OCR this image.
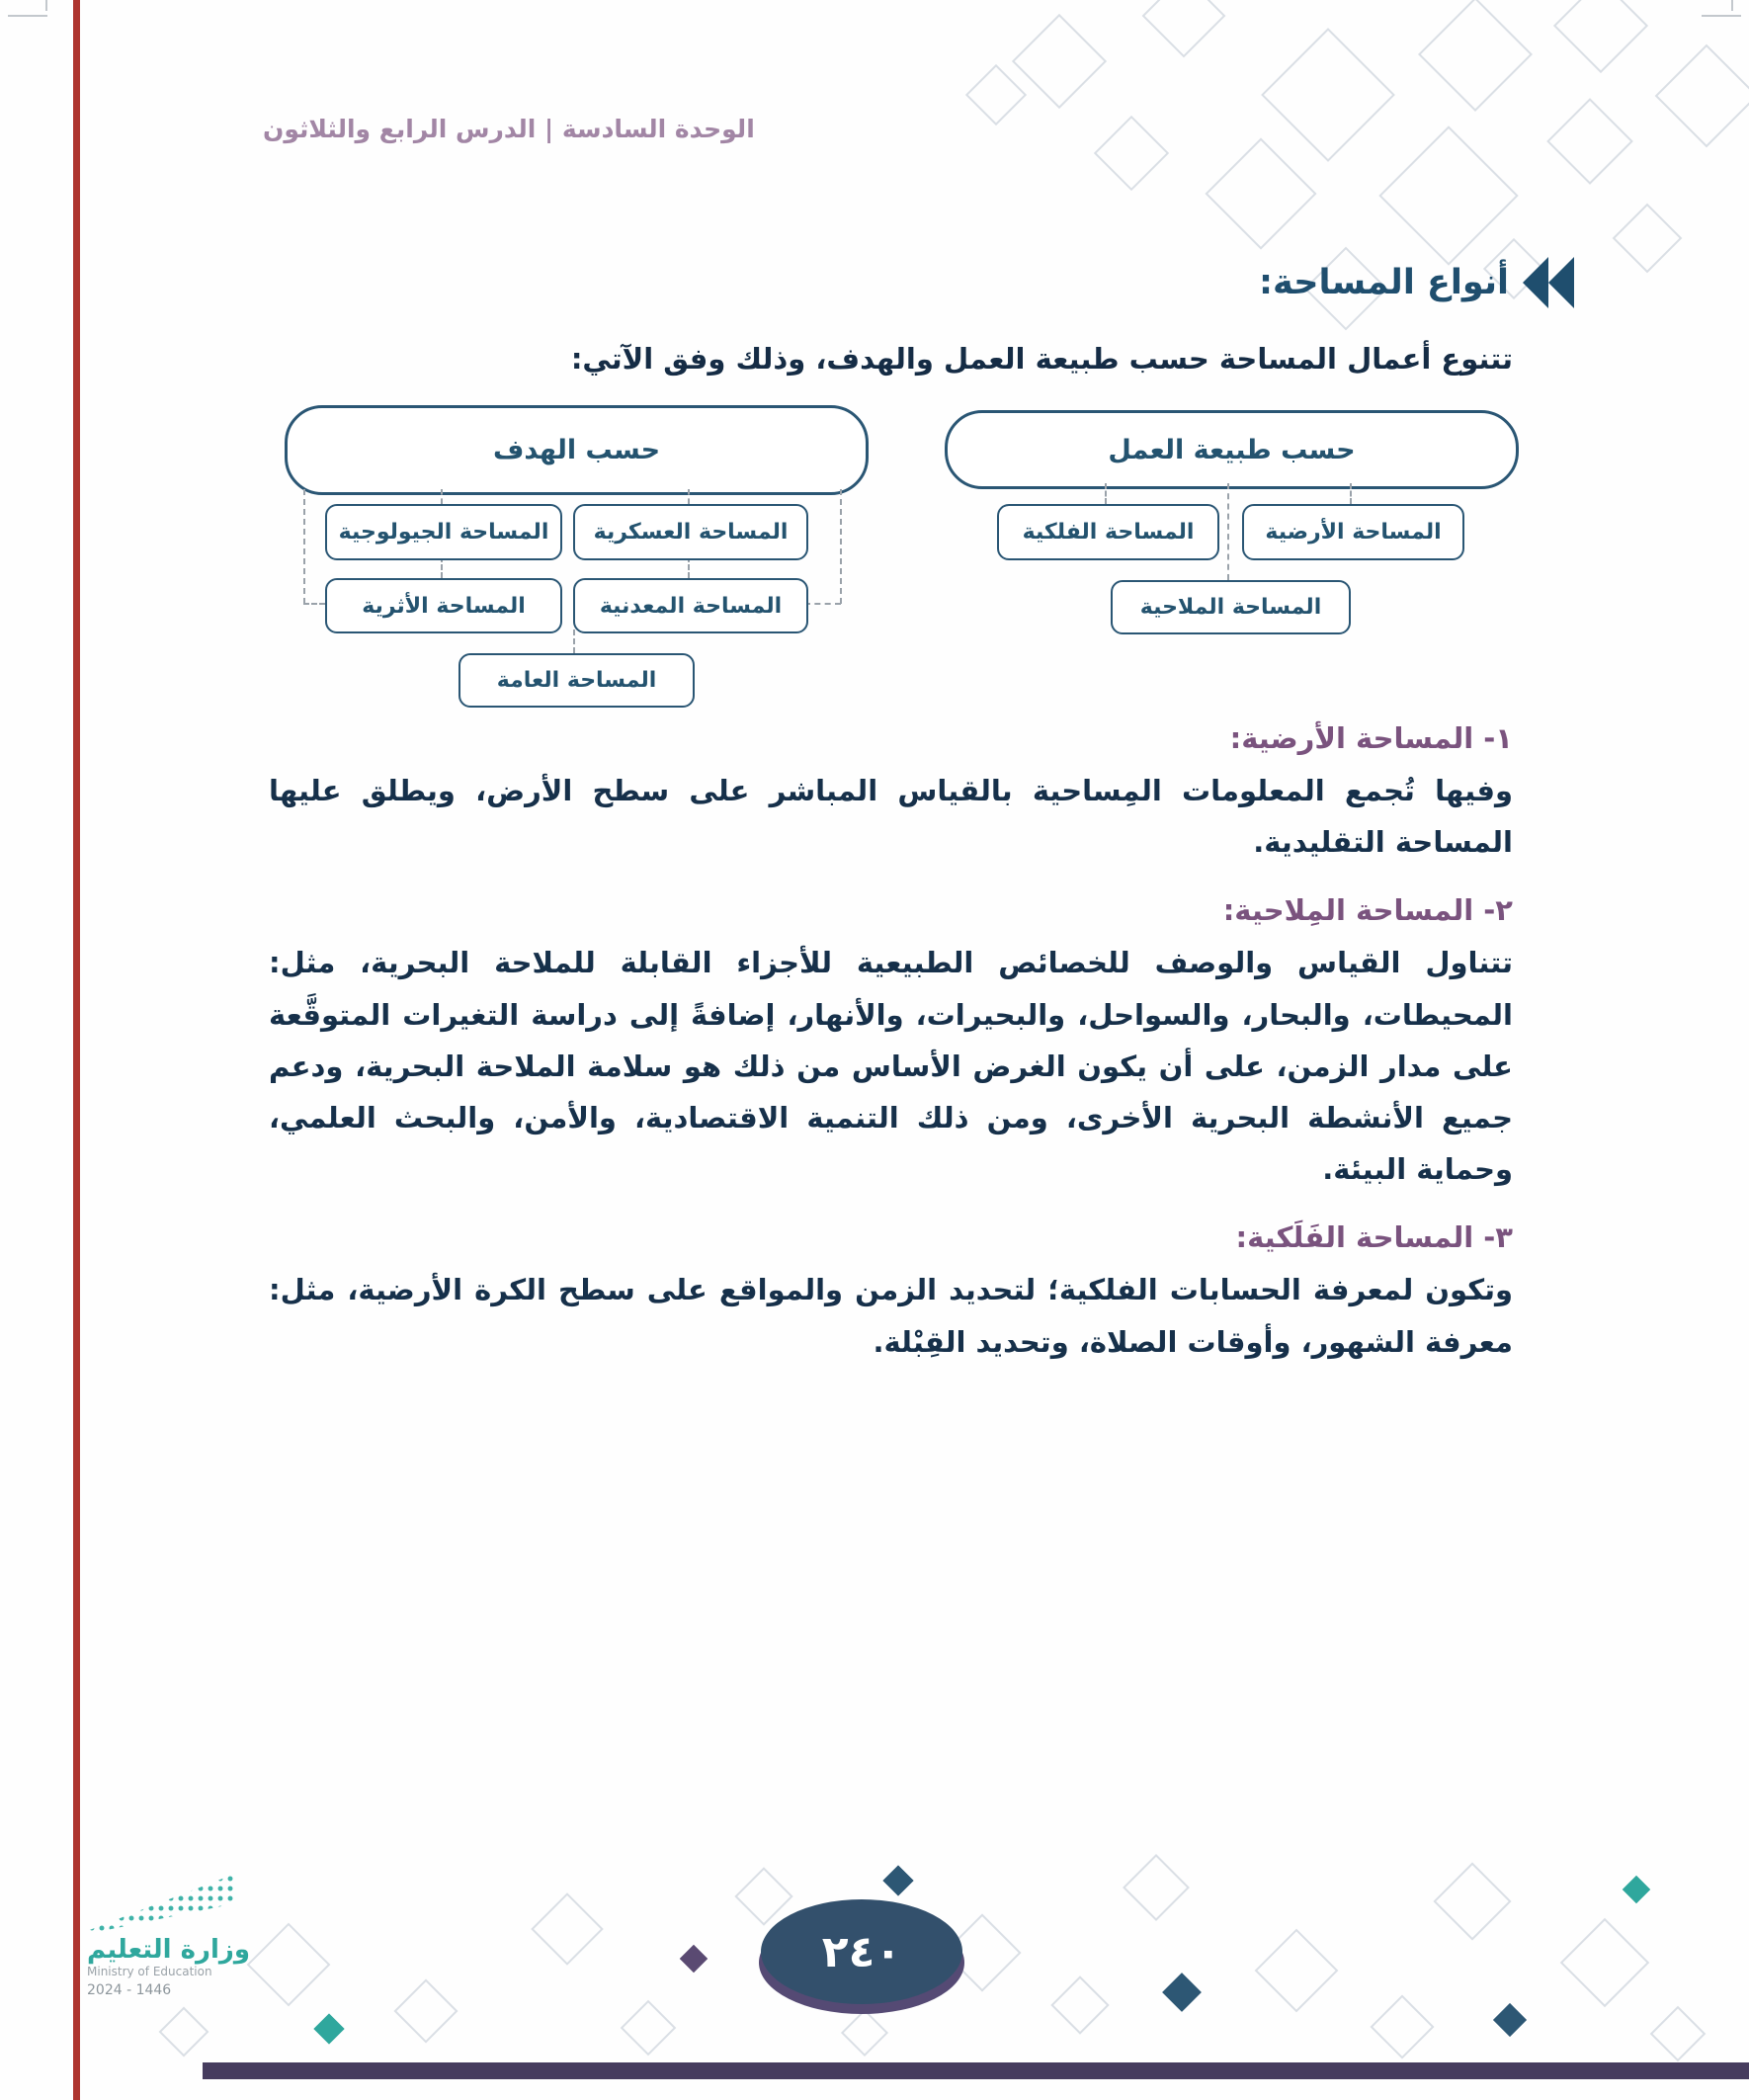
الوحدة السادسة | الدرس الرابع والثلاثون
أنواع المساحة:
تتنوع أعمال المساحة حسب طبيعة العمل والهدف، وذلك وفق الآتي:
حسب طبيعة العمل
حسب الهدف
المساحة الأرضية
المساحة الفلكية
المساحة الملاحية
المساحة العسكرية
المساحة الجيولوجية
المساحة المعدنية
المساحة الأثرية
المساحة العامة
١- المساحة الأرضية:

وفيها تُجمع المعلومات المِساحية بالقياس المباشر على سطح الأرض، ويطلق عليها المساحة التقليدية.

٢- المساحة المِلاحية:

تتناول القياس والوصف للخصائص الطبيعية للأجزاء القابلة للملاحة البحرية، مثل: المحيطات، والبحار، والسواحل، والبحيرات، والأنهار، إضافةً إلى دراسة التغيرات المتوقَّعة على مدار الزمن، على أن يكون الغرض الأساس من ذلك هو سلامة الملاحة البحرية، ودعم جميع الأنشطة البحرية الأخرى، ومن ذلك التنمية الاقتصادية، والأمن، والبحث العلمي، وحماية البيئة.

٣- المساحة الفَلَكية:

وتكون لمعرفة الحسابات الفلكية؛ لتحديد الزمن والمواقع على سطح الكرة الأرضية، مثل: معرفة الشهور، وأوقات الصلاة، وتحديد القِبْلة.

٢٤٠
وزارة التعليم
Ministry of Education
2024 - 1446
